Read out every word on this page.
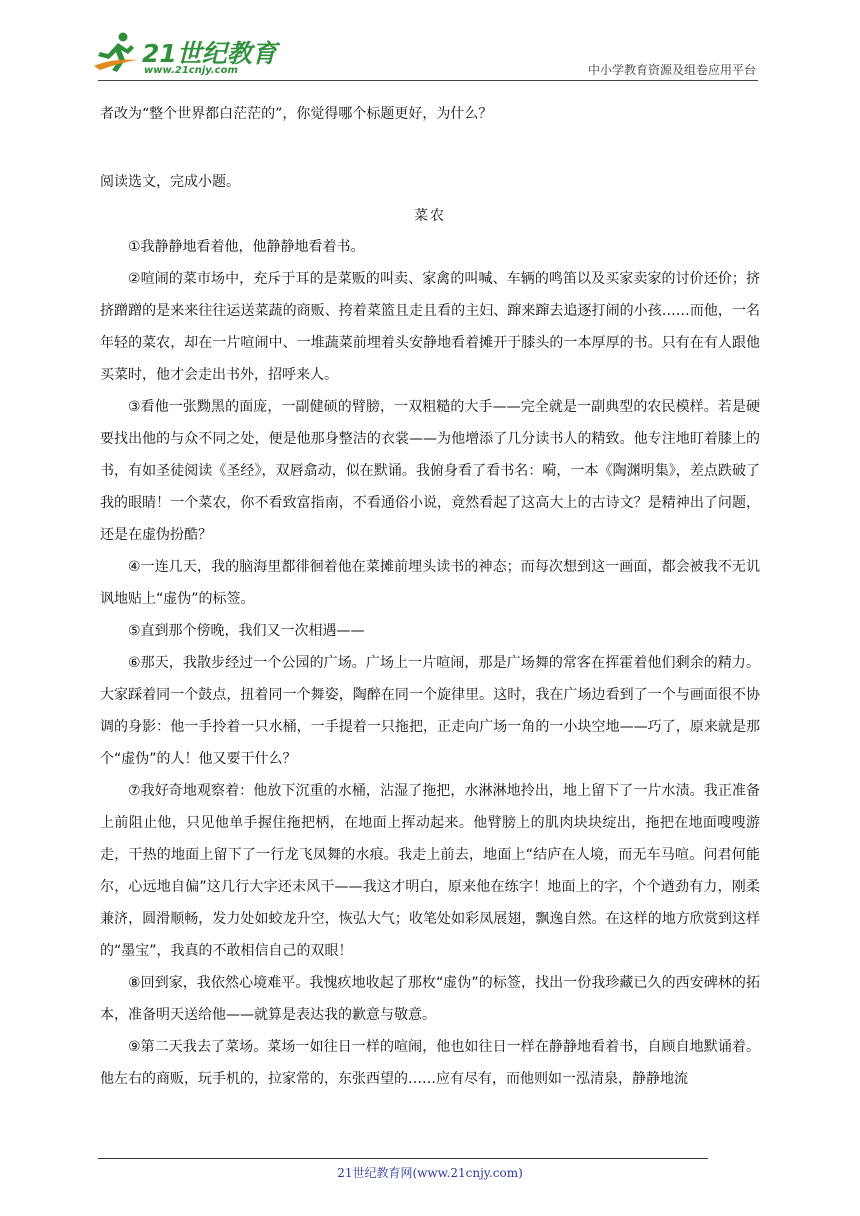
21世纪教育
www.21cnjy.com	中小学教育资源及组卷应用平台

者改为“整个世界都白茫茫的”，你觉得哪个标题更好，为什么？

阅读选文，完成小题。

菜农

①我静静地看着他，他静静地看着书。

②喧闹的菜市场中，充斥于耳的是菜贩的叫卖、家禽的叫喊、车辆的鸣笛以及买家卖家的讨价还价；挤挤蹭蹭的是来来往往运送菜蔬的商贩、挎着菜篮且走且看的主妇、蹿来蹿去追逐打闹的小孩……而他，一名年轻的菜农，却在一片喧闹中、一堆蔬菜前埋着头安静地看着摊开于膝头的一本厚厚的书。只有在有人跟他买菜时，他才会走出书外，招呼来人。

③看他一张黝黑的面庞，一副健硕的臂膀，一双粗糙的大手——完全就是一副典型的农民模样。若是硬要找出他的与众不同之处，便是他那身整洁的衣裳——为他增添了几分读书人的精致。他专注地盯着膝上的书，有如圣徒阅读《圣经》，双唇翕动，似在默诵。我俯身看了看书名：嗬，一本《陶渊明集》，差点跌破了我的眼睛！一个菜农，你不看致富指南，不看通俗小说，竟然看起了这高大上的古诗文？是精神出了问题，还是在虚伪扮酷？

④一连几天，我的脑海里都徘徊着他在菜摊前埋头读书的神态；而每次想到这一画面，都会被我不无讥讽地贴上“虚伪”的标签。

⑤直到那个傍晚，我们又一次相遇——

⑥那天，我散步经过一个公园的广场。广场上一片喧闹，那是广场舞的常客在挥霍着他们剩余的精力。大家踩着同一个鼓点，扭着同一个舞姿，陶醉在同一个旋律里。这时，我在广场边看到了一个与画面很不协调的身影：他一手拎着一只水桶，一手提着一只拖把，正走向广场一角的一小块空地——巧了，原来就是那个“虚伪”的人！他又要干什么？

⑦我好奇地观察着：他放下沉重的水桶，沾湿了拖把，水淋淋地拎出，地上留下了一片水渍。我正准备上前阻止他，只见他单手握住拖把柄，在地面上挥动起来。他臂膀上的肌肉块块绽出，拖把在地面嗖嗖游走，干热的地面上留下了一行龙飞凤舞的水痕。我走上前去，地面上“结庐在人境，而无车马喧。问君何能尔，心远地自偏”这几行大字还未风干——我这才明白，原来他在练字！地面上的字，个个遒劲有力，刚柔兼济，圆滑顺畅，发力处如蛟龙升空，恢弘大气；收笔处如彩凤展翅，飘逸自然。在这样的地方欣赏到这样的“墨宝”，我真的不敢相信自己的双眼！

⑧回到家，我依然心境难平。我愧疚地收起了那枚“虚伪”的标签，找出一份我珍藏已久的西安碑林的拓本，准备明天送给他——就算是表达我的歉意与敬意。

⑨第二天我去了菜场。菜场一如往日一样的喧闹，他也如往日一样在静静地看着书，自顾自地默诵着。他左右的商贩，玩手机的，拉家常的，东张西望的……应有尽有，而他则如一泓清泉，静静地流

21世纪教育网(www.21cnjy.com)
